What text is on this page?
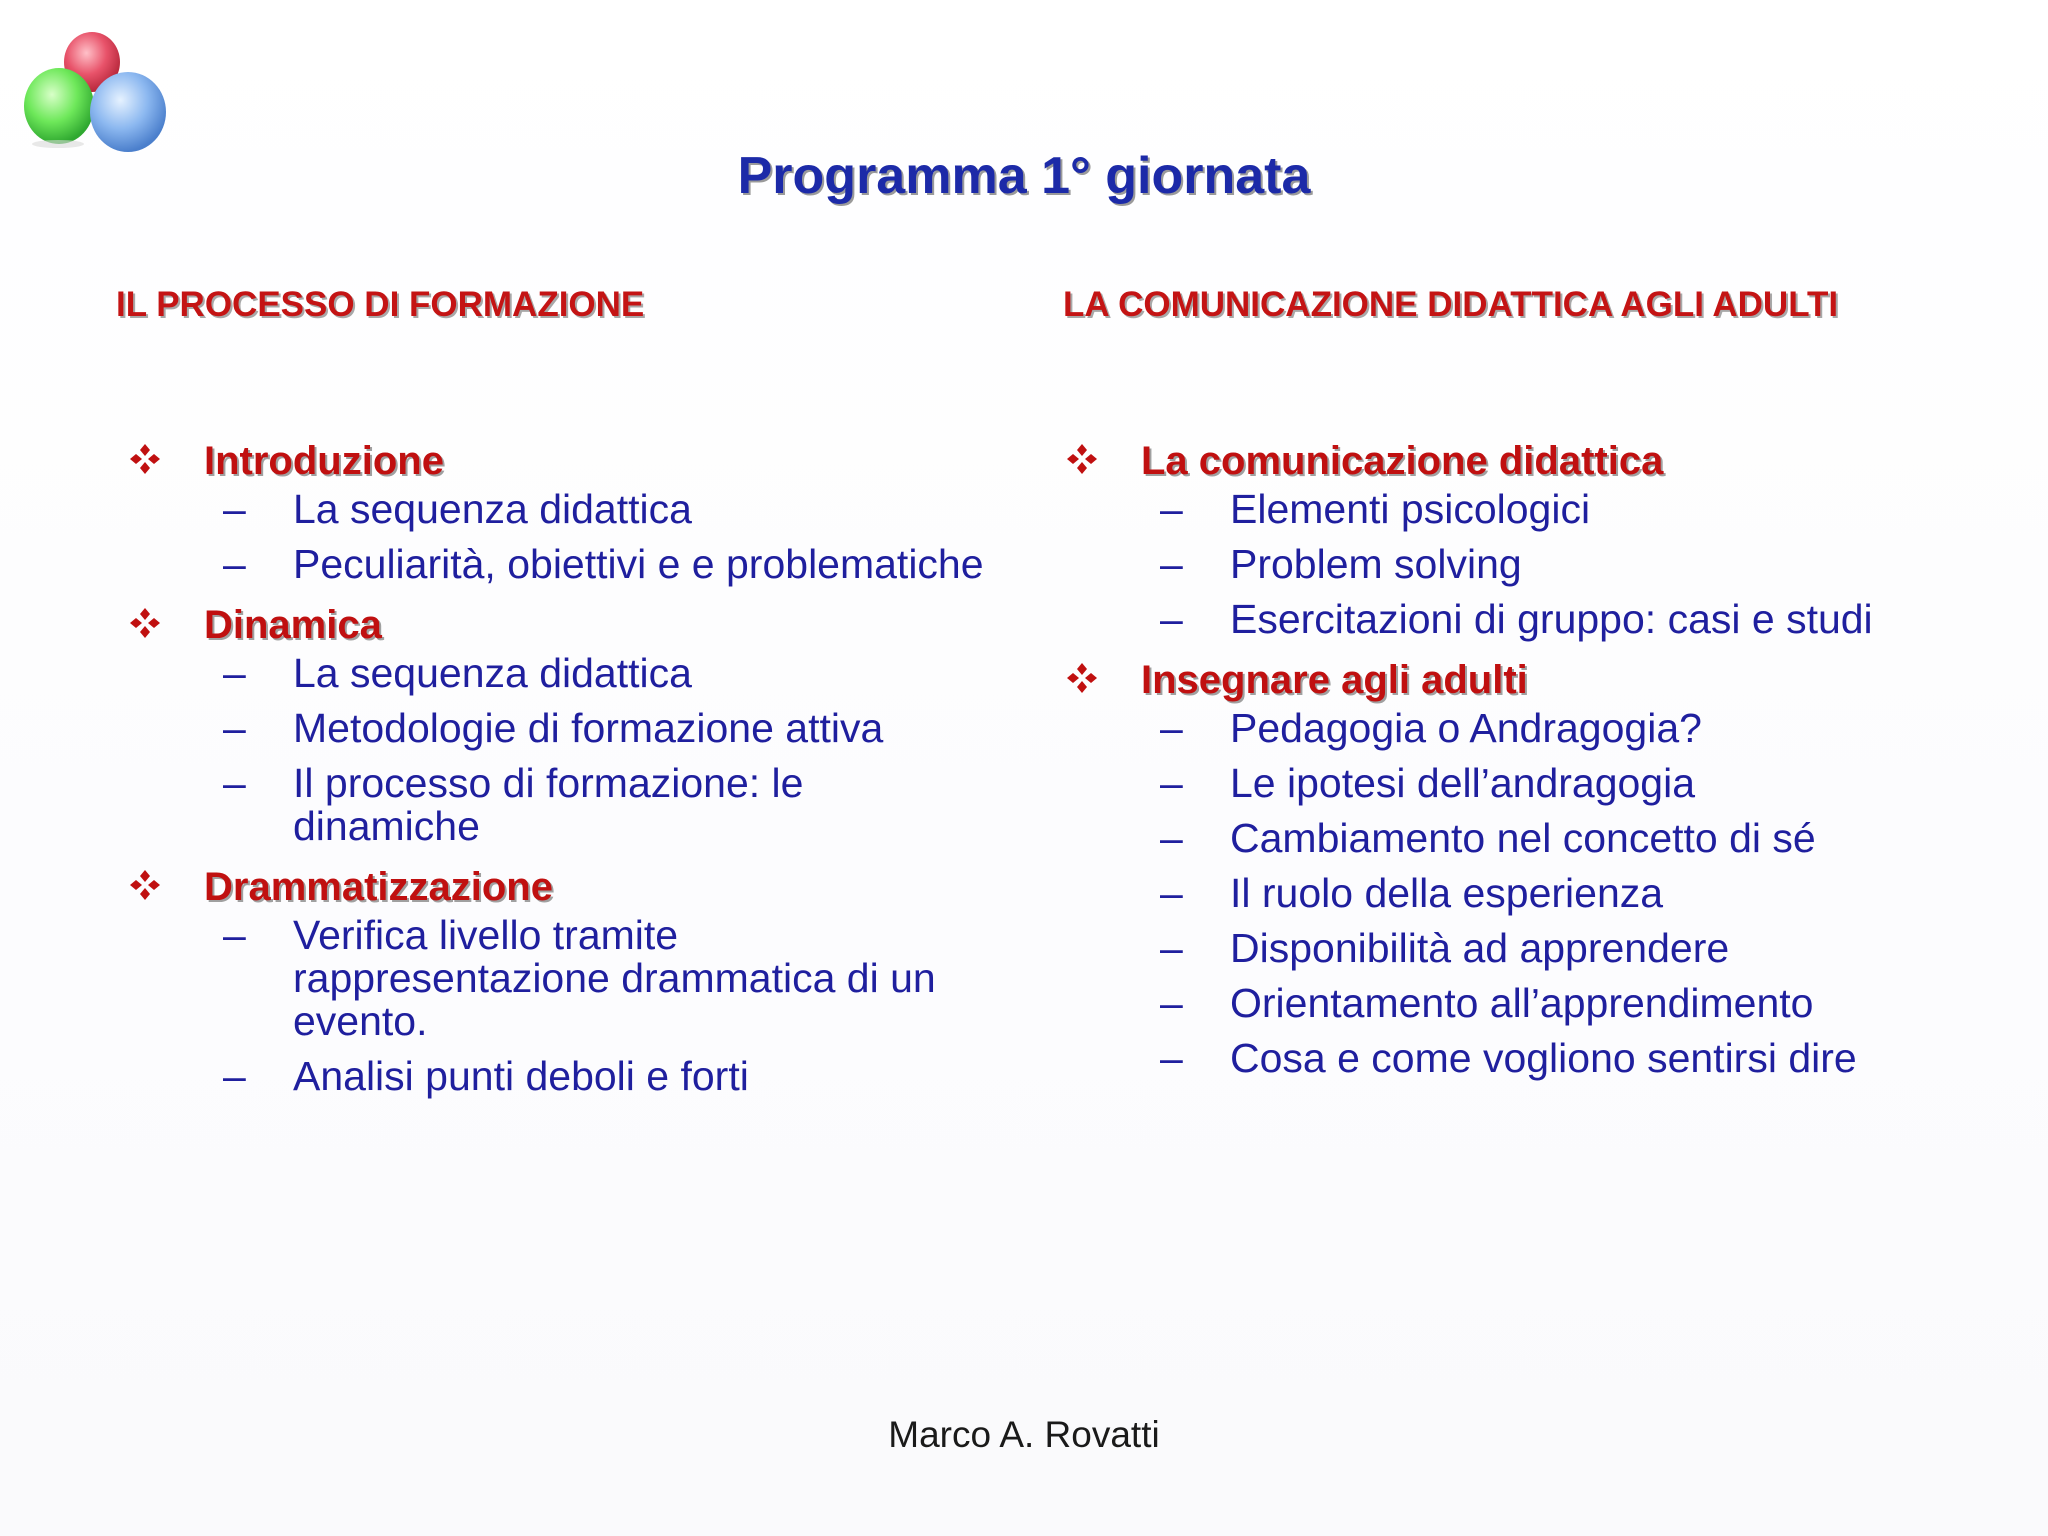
Programma 1° giornata
IL PROCESSO DI FORMAZIONE
Introduzione
– La sequenza didattica
– Peculiarità, obiettivi e e problematiche
Dinamica
– La sequenza didattica
– Metodologie di formazione attiva
– Il processo di formazione: le dinamiche
Drammatizzazione
– Verifica livello tramite rappresentazione drammatica di un evento.
– Analisi punti deboli e forti
LA COMUNICAZIONE DIDATTICA AGLI ADULTI
La comunicazione didattica
– Elementi psicologici
– Problem solving
– Esercitazioni di gruppo: casi e studi
Insegnare agli adulti
– Pedagogia o Andragogia?
– Le ipotesi dell’andragogia
– Cambiamento nel concetto di sé
– Il ruolo della esperienza
– Disponibilità ad apprendere
– Orientamento all’apprendimento
– Cosa e come vogliono sentirsi dire
Marco A. Rovatti
